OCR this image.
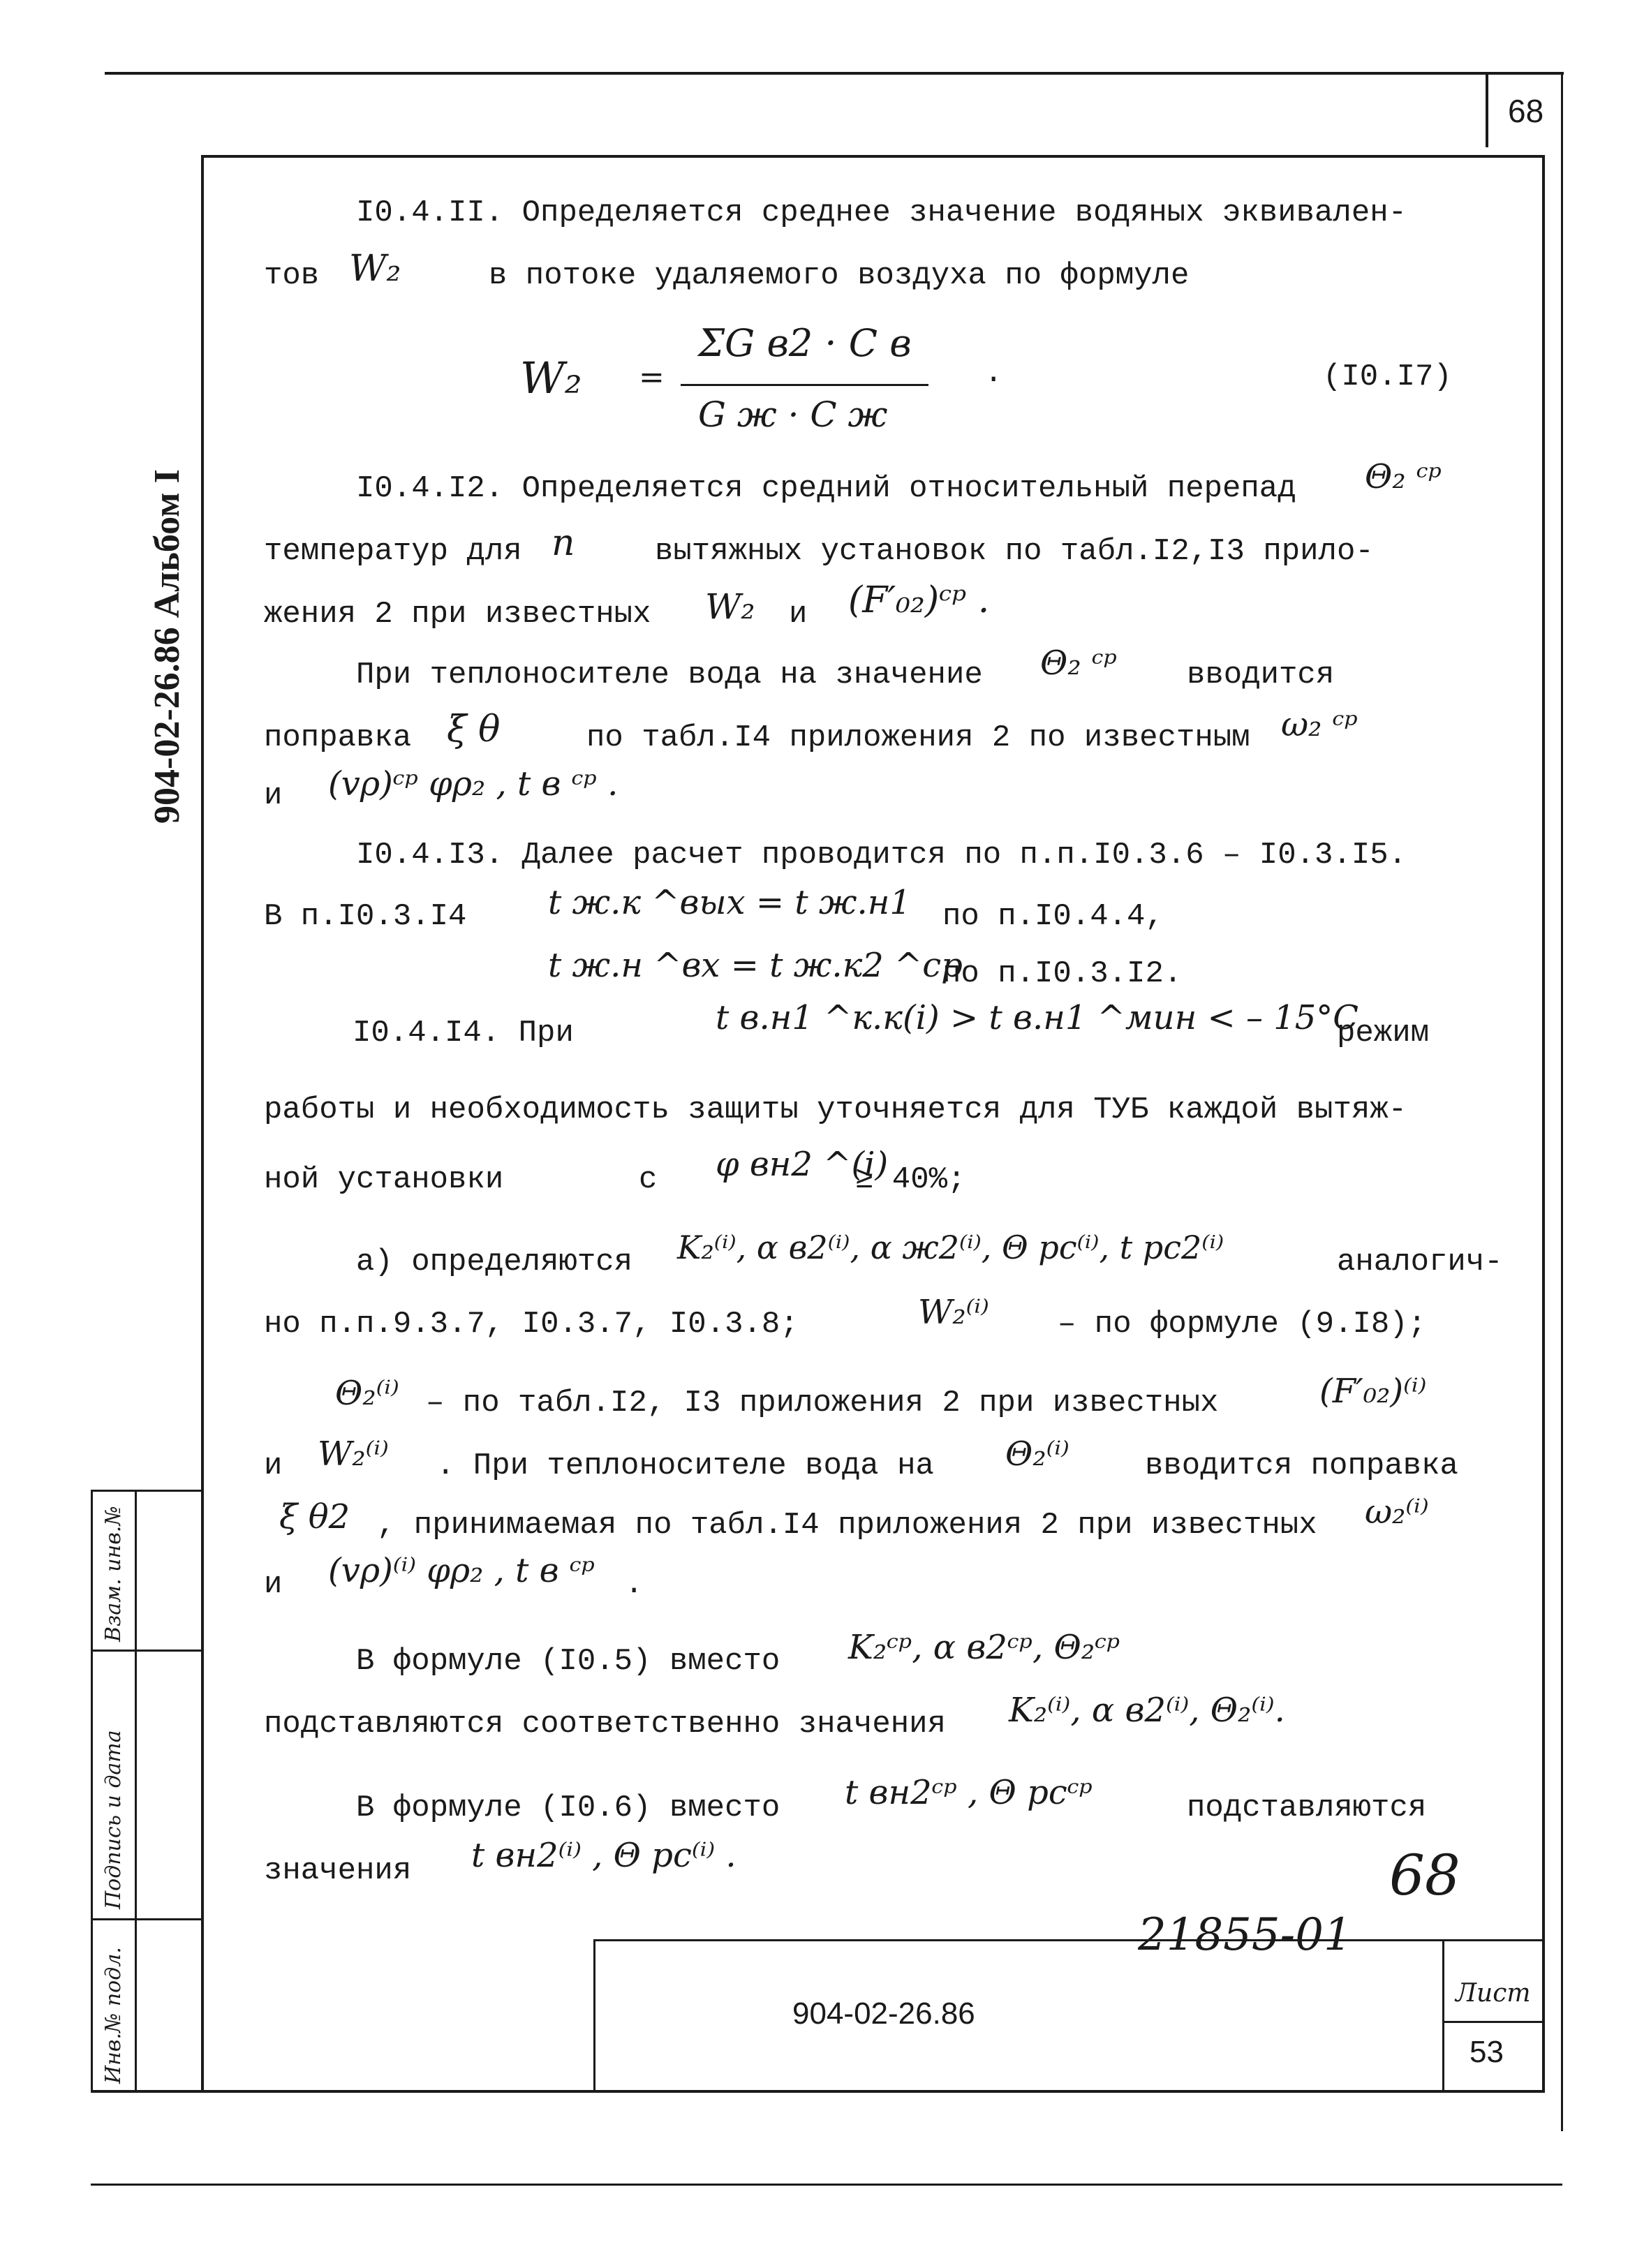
68
904-02-26.86 Альбом I
Инв.№ подл.
Подпись и дата
Взам. инв.№
904-02-26.86
Лист
53
68
21855-01
I0.4.II. Определяется среднее значение водяных эквивален-
тов W₂	в потоке удаляемого воздуха по формуле
W₂ =
ΣG в2 · C в
G ж · C ж
.	(I0.I7)
I0.4.I2. Определяется средний относительный перепад Θ₂ ᶜᵖ
температур для n	вытяжных установок по табл.I2,I3 прило-
жения 2 при известных W₂ и (F′₀₂)ᶜᵖ .
При теплоносителе вода на значение Θ₂ ᶜᵖ вводится
поправка ξ θ	по табл.I4 приложения 2 по известным ω₂ ᶜᵖ
и (vρ)ᶜᵖ φρ₂ , t в ᶜᵖ .
I0.4.I3. Далее расчет проводится по п.п.I0.3.6 – I0.3.I5.
В п.I0.3.I4 t ж.к ^вых = t ж.н1 по п.I0.4.4,
t ж.н ^вх = t ж.к2 ^ср
по п.I0.3.I2.
I0.4.I4. При	t в.н1 ^к.к(i) > t в.н1 ^мин < – 15°C
режим
работы и необходимость защиты уточняется для ТУБ каждой вытяж-
ной установки	с φ вн2 ^(i)
≥ 40%;
а) определяются K₂⁽ⁱ⁾, α в2⁽ⁱ⁾, α ж2⁽ⁱ⁾, Θ рс⁽ⁱ⁾, t рс2⁽ⁱ⁾	аналогич-
но п.п.9.3.7, I0.3.7, I0.3.8;	W₂⁽ⁱ⁾ – по формуле (9.I8);
Θ₂⁽ⁱ⁾ – по табл.I2, I3 приложения 2 при известных	(F′₀₂)⁽ⁱ⁾
и W₂⁽ⁱ⁾ . При теплоносителе вода на Θ₂⁽ⁱ⁾ вводится поправка
ξ θ2 , принимаемая по табл.I4 приложения 2 при известных ω₂⁽ⁱ⁾
и (vρ)⁽ⁱ⁾ φρ₂ , t в ᶜᵖ .
В формуле (I0.5) вместо K₂ᶜᵖ, α в2ᶜᵖ, Θ₂ᶜᵖ
подставляются соответственно значения K₂⁽ⁱ⁾, α в2⁽ⁱ⁾, Θ₂⁽ⁱ⁾.
В формуле (I0.6) вместо t вн2ᶜᵖ , Θ рсᶜᵖ	подставляются
значения t вн2⁽ⁱ⁾ , Θ рс⁽ⁱ⁾ .
